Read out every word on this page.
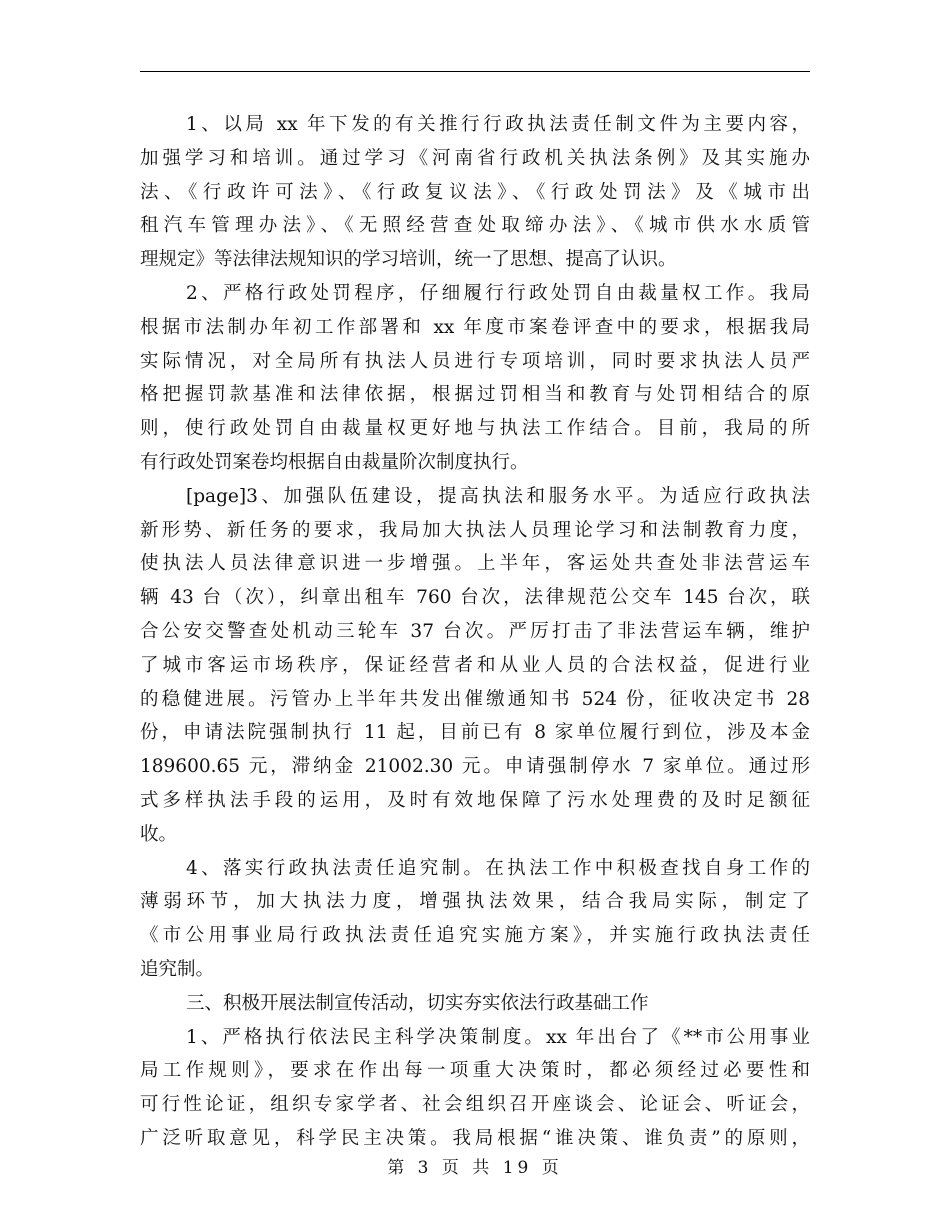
1、以局 xx 年下发的有关推行行政执法责任制文件为主要内容，
加强学习和培训。通过学习《河南省行政机关执法条例》及其实施办
法、《行政许可法》、《行政复议法》、《行政处罚法》及《城市出
租汽车管理办法》、《无照经营查处取缔办法》、《城市供水水质管
理规定》等法律法规知识的学习培训，统一了思想、提高了认识。
2、严格行政处罚程序，仔细履行行政处罚自由裁量权工作。我局
根据市法制办年初工作部署和 xx 年度市案卷评查中的要求，根据我局
实际情况，对全局所有执法人员进行专项培训，同时要求执法人员严
格把握罚款基准和法律依据，根据过罚相当和教育与处罚相结合的原
则，使行政处罚自由裁量权更好地与执法工作结合。目前，我局的所
有行政处罚案卷均根据自由裁量阶次制度执行。
[page]3、加强队伍建设，提高执法和服务水平。为适应行政执法
新形势、新任务的要求，我局加大执法人员理论学习和法制教育力度，
使执法人员法律意识进一步增强。上半年，客运处共查处非法营运车
辆 43 台（次），纠章出租车 760 台次，法律规范公交车 145 台次，联
合公安交警查处机动三轮车 37 台次。严厉打击了非法营运车辆，维护
了城市客运市场秩序，保证经营者和从业人员的合法权益，促进行业
的稳健进展。污管办上半年共发出催缴通知书 524 份，征收决定书 28
份，申请法院强制执行 11 起，目前已有 8 家单位履行到位，涉及本金
189600.65 元，滞纳金 21002.30 元。申请强制停水 7 家单位。通过形
式多样执法手段的运用，及时有效地保障了污水处理费的及时足额征
收。
4、落实行政执法责任追究制。在执法工作中积极查找自身工作的
薄弱环节，加大执法力度，增强执法效果，结合我局实际，制定了
《市公用事业局行政执法责任追究实施方案》，并实施行政执法责任
追究制。
三、积极开展法制宣传活动，切实夯实依法行政基础工作
1、严格执行依法民主科学决策制度。xx 年出台了《**市公用事业
局工作规则》，要求在作出每一项重大决策时，都必须经过必要性和
可行性论证，组织专家学者、社会组织召开座谈会、论证会、听证会，
广泛听取意见，科学民主决策。我局根据“谁决策、谁负责”的原则，
第 3 页 共 19 页
